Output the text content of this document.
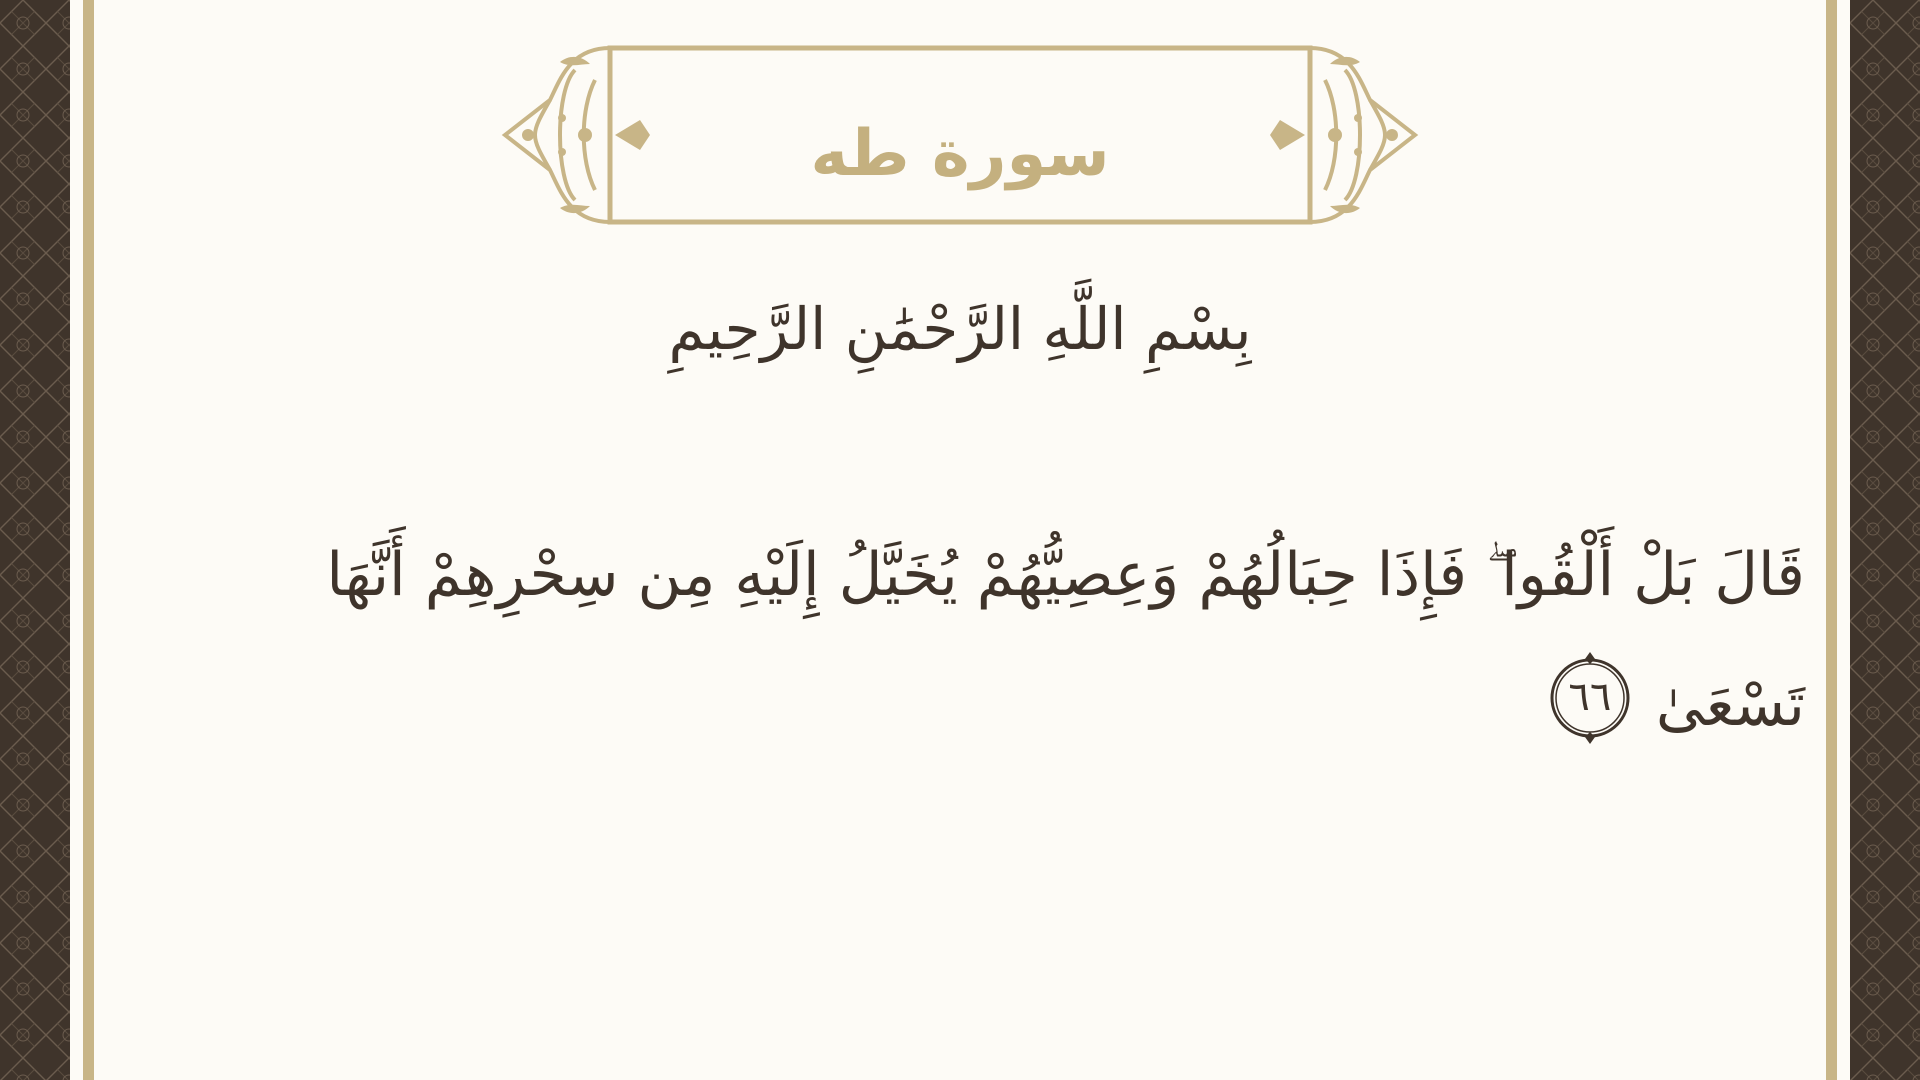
سورة طه

بِسْمِ اللَّهِ الرَّحْمَٰنِ الرَّحِيمِ

قَالَ بَلْ أَلْقُوا ۖ فَإِذَا حِبَالُهُمْ وَعِصِيُّهُمْ يُخَيَّلُ إِلَيْهِ مِن سِحْرِهِمْ أَنَّهَا تَسْعَىٰ
٦٦
